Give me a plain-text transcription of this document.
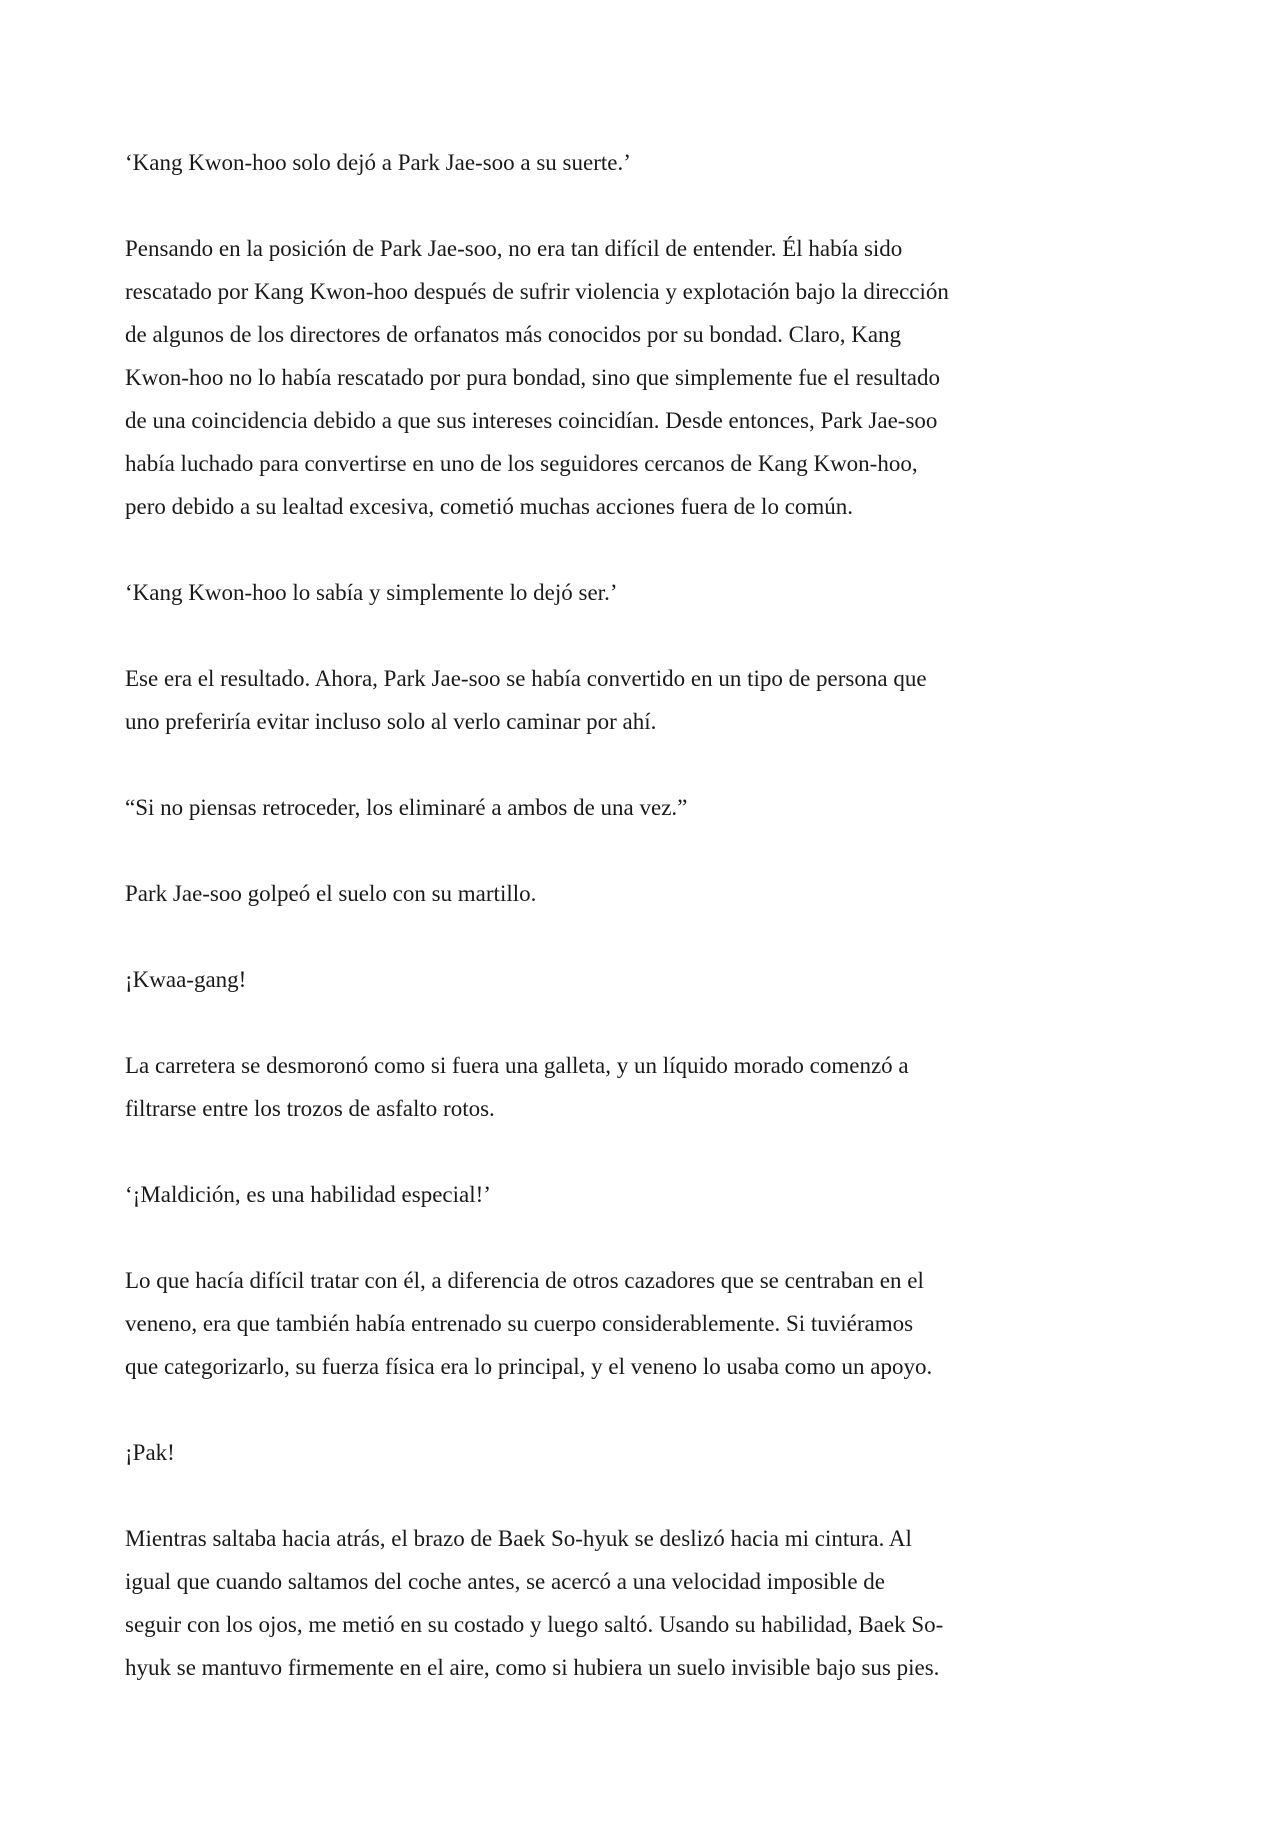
‘Kang Kwon-hoo solo dejó a Park Jae-soo a su suerte.’
Pensando en la posición de Park Jae-soo, no era tan difícil de entender. Él había sido
rescatado por Kang Kwon-hoo después de sufrir violencia y explotación bajo la dirección
de algunos de los directores de orfanatos más conocidos por su bondad. Claro, Kang
Kwon-hoo no lo había rescatado por pura bondad, sino que simplemente fue el resultado
de una coincidencia debido a que sus intereses coincidían. Desde entonces, Park Jae-soo
había luchado para convertirse en uno de los seguidores cercanos de Kang Kwon-hoo,
pero debido a su lealtad excesiva, cometió muchas acciones fuera de lo común.
‘Kang Kwon-hoo lo sabía y simplemente lo dejó ser.’
Ese era el resultado. Ahora, Park Jae-soo se había convertido en un tipo de persona que
uno preferiría evitar incluso solo al verlo caminar por ahí.
“Si no piensas retroceder, los eliminaré a ambos de una vez.”
Park Jae-soo golpeó el suelo con su martillo.
¡Kwaa-gang!
La carretera se desmoronó como si fuera una galleta, y un líquido morado comenzó a
filtrarse entre los trozos de asfalto rotos.
‘¡Maldición, es una habilidad especial!’
Lo que hacía difícil tratar con él, a diferencia de otros cazadores que se centraban en el
veneno, era que también había entrenado su cuerpo considerablemente. Si tuviéramos
que categorizarlo, su fuerza física era lo principal, y el veneno lo usaba como un apoyo.
¡Pak!
Mientras saltaba hacia atrás, el brazo de Baek So-hyuk se deslizó hacia mi cintura. Al
igual que cuando saltamos del coche antes, se acercó a una velocidad imposible de
seguir con los ojos, me metió en su costado y luego saltó. Usando su habilidad, Baek So-
hyuk se mantuvo firmemente en el aire, como si hubiera un suelo invisible bajo sus pies.
